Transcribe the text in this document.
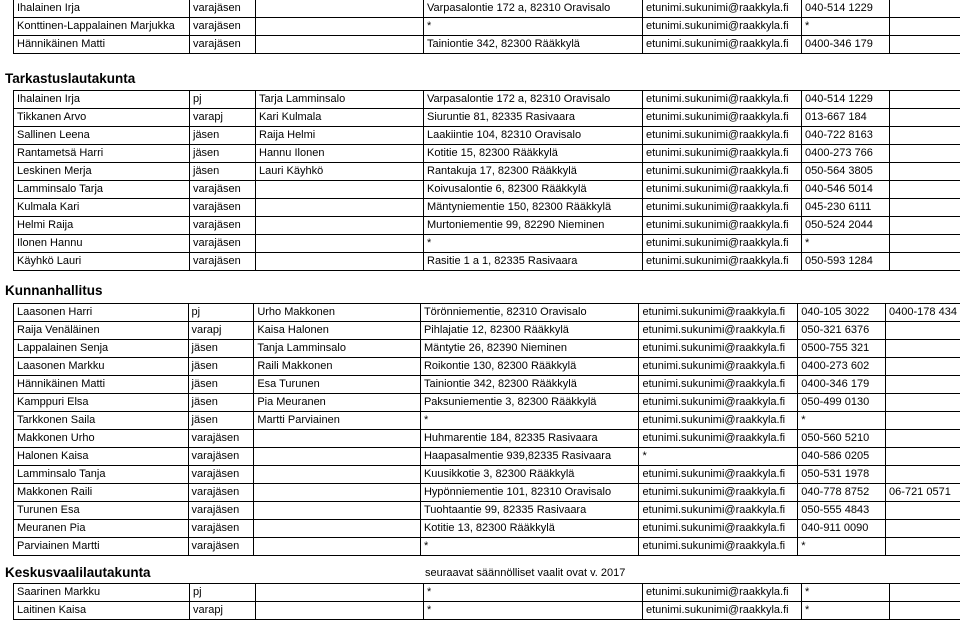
Ihalainen Irja	varajäsen		Varpasalontie 172 a, 82310 Oravisalo	etunimi.sukunimi@raakkyla.fi	040-514 1229	
Konttinen-Lappalainen Marjukka	varajäsen		*	etunimi.sukunimi@raakkyla.fi	*	
Hännikäinen Matti	varajäsen		Tainiontie 342, 82300 Rääkkylä	etunimi.sukunimi@raakkyla.fi	0400-346 179	
Tarkastuslautakunta
Ihalainen Irja	pj	Tarja Lamminsalo	Varpasalontie 172 a, 82310 Oravisalo	etunimi.sukunimi@raakkyla.fi	040-514 1229	
Tikkanen Arvo	varapj	Kari Kulmala	Siuruntie 81, 82335 Rasivaara	etunimi.sukunimi@raakkyla.fi	013-667 184	
Sallinen Leena	jäsen	Raija Helmi	Laakiintie 104, 82310 Oravisalo	etunimi.sukunimi@raakkyla.fi	040-722 8163	
Rantametsä Harri	jäsen	Hannu Ilonen	Kotitie 15, 82300 Rääkkylä	etunimi.sukunimi@raakkyla.fi	0400-273 766	
Leskinen Merja	jäsen	Lauri Käyhkö	Rantakuja 17, 82300 Rääkkylä	etunimi.sukunimi@raakkyla.fi	050-564 3805	
Lamminsalo Tarja	varajäsen		Koivusalontie 6, 82300 Rääkkylä	etunimi.sukunimi@raakkyla.fi	040-546 5014	
Kulmala Kari	varajäsen		Mäntyniementie 150, 82300 Rääkkylä	etunimi.sukunimi@raakkyla.fi	045-230 6111	
Helmi Raija	varajäsen		Murtoniementie 99, 82290 Nieminen	etunimi.sukunimi@raakkyla.fi	050-524 2044	
Ilonen Hannu	varajäsen		*	etunimi.sukunimi@raakkyla.fi	*	
Käyhkö Lauri	varajäsen		Rasitie 1 a 1, 82335 Rasivaara	etunimi.sukunimi@raakkyla.fi	050-593 1284	
Kunnanhallitus
Laasonen Harri	pj	Urho Makkonen	Törönniementie, 82310 Oravisalo	etunimi.sukunimi@raakkyla.fi	040-105 3022	0400-178 434
Raija Venäläinen	varapj	Kaisa Halonen	Pihlajatie 12, 82300 Rääkkylä	etunimi.sukunimi@raakkyla.fi	050-321 6376	
Lappalainen Senja	jäsen	Tanja Lamminsalo	Mäntytie 26, 82390 Nieminen	etunimi.sukunimi@raakkyla.fi	0500-755 321	
Laasonen Markku	jäsen	Raili Makkonen	Roikontie 130, 82300 Rääkkylä	etunimi.sukunimi@raakkyla.fi	0400-273 602	
Hännikäinen Matti	jäsen	Esa Turunen	Tainiontie 342, 82300 Rääkkylä	etunimi.sukunimi@raakkyla.fi	0400-346 179	
Kamppuri Elsa	jäsen	Pia Meuranen	Paksuniementie 3, 82300 Rääkkylä	etunimi.sukunimi@raakkyla.fi	050-499 0130	
Tarkkonen Saila	jäsen	Martti Parviainen	*	etunimi.sukunimi@raakkyla.fi	*	
Makkonen Urho	varajäsen		Huhmarentie 184, 82335 Rasivaara	etunimi.sukunimi@raakkyla.fi	050-560 5210	
Halonen Kaisa	varajäsen		Haapasalmentie 939,82335 Rasivaara	*	040-586 0205	
Lamminsalo Tanja	varajäsen		Kuusikkotie 3, 82300 Rääkkylä	etunimi.sukunimi@raakkyla.fi	050-531 1978	
Makkonen Raili	varajäsen		Hypönniementie 101, 82310 Oravisalo	etunimi.sukunimi@raakkyla.fi	040-778 8752	06-721 0571
Turunen Esa	varajäsen		Tuohtaantie 99, 82335 Rasivaara	etunimi.sukunimi@raakkyla.fi	050-555 4843	
Meuranen Pia	varajäsen		Kotitie 13, 82300 Rääkkylä	etunimi.sukunimi@raakkyla.fi	040-911 0090	
Parviainen Martti	varajäsen		*	etunimi.sukunimi@raakkyla.fi	*	
Keskusvaalilautakunta	seuraavat säännölliset vaalit ovat v. 2017
Saarinen Markku	pj		*	etunimi.sukunimi@raakkyla.fi	*	
Laitinen Kaisa	varapj		*	etunimi.sukunimi@raakkyla.fi	*	
